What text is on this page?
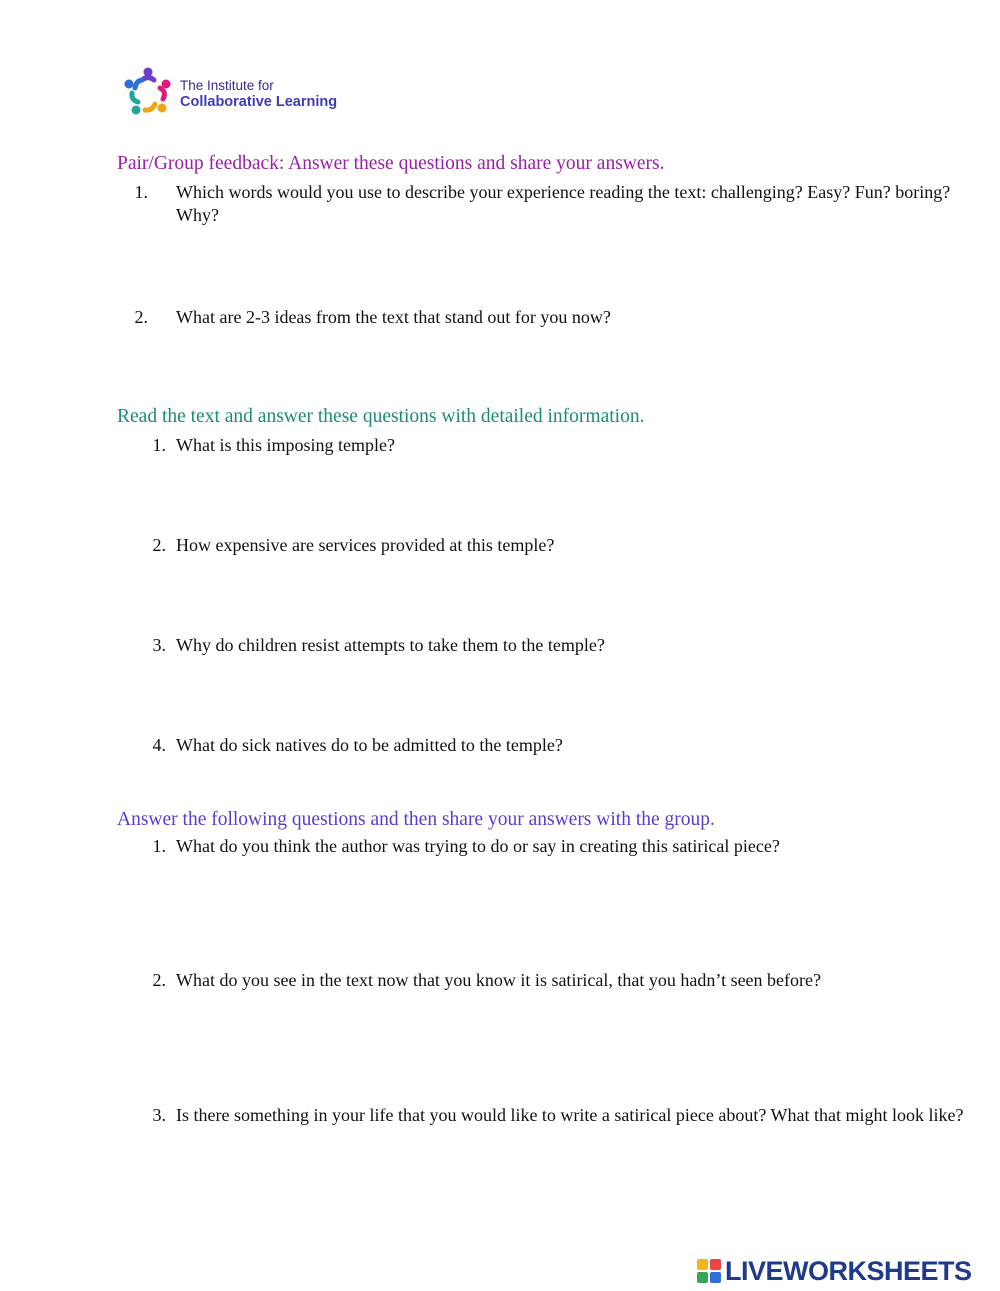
The Institute for
Collaborative Learning
Pair/Group feedback: Answer these questions and share your answers.
1. Which words would you use to describe your experience reading the text: challenging? Easy? Fun? boring? Why?
2. What are 2-3 ideas from the text that stand out for you now?
Read the text and answer these questions with detailed information.
1. What is this imposing temple?
2. How expensive are services provided at this temple?
3. Why do children resist attempts to take them to the temple?
4. What do sick natives do to be admitted to the temple?
Answer the following questions and then share your answers with the group.
1. What do you think the author was trying to do or say in creating this satirical piece?
2. What do you see in the text now that you know it is satirical, that you hadn’t seen before?
3. Is there something in your life that you would like to write a satirical piece about? What that might look like?
LIVEWORKSHEETS
